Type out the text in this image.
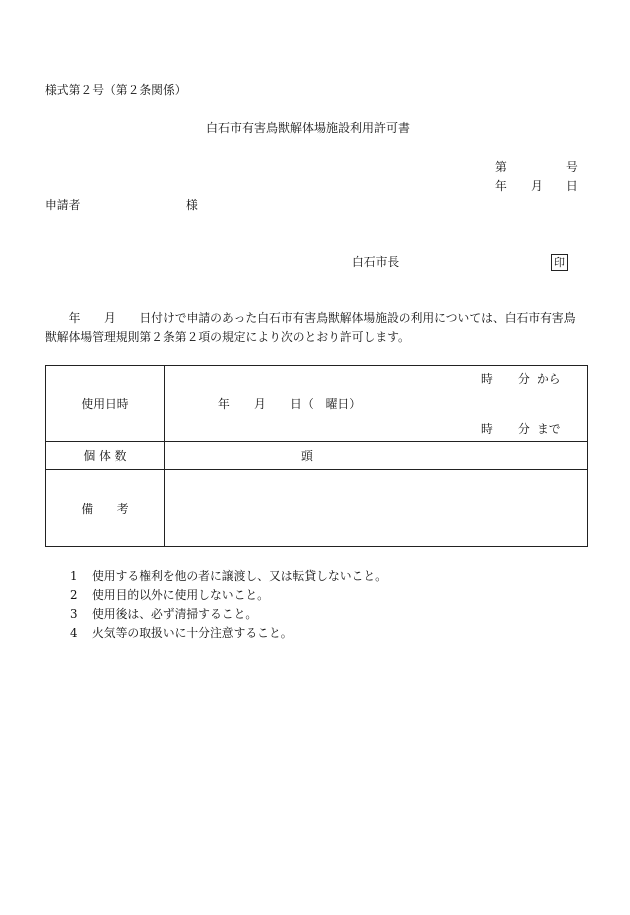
様式第２号（第２条関係）
白石市有害鳥獣解体場施設利用許可書
第	号
年 月 日
申請者	様
白石市長	印
　　年　　月　　日付けで申請のあった白石市有害鳥獣解体場施設の利用については、白石市有害鳥
獣解体場管理規則第２条第２項の規定により次のとおり許可します。
使用日時
時 分 から
年 月 日 （　曜日）
時 分 まで
個 体 数	頭
備　　考
1 使用する権利を他の者に譲渡し、又は転貸しないこと。
2 使用目的以外に使用しないこと。
3 使用後は、必ず清掃すること。
4 火気等の取扱いに十分注意すること。
